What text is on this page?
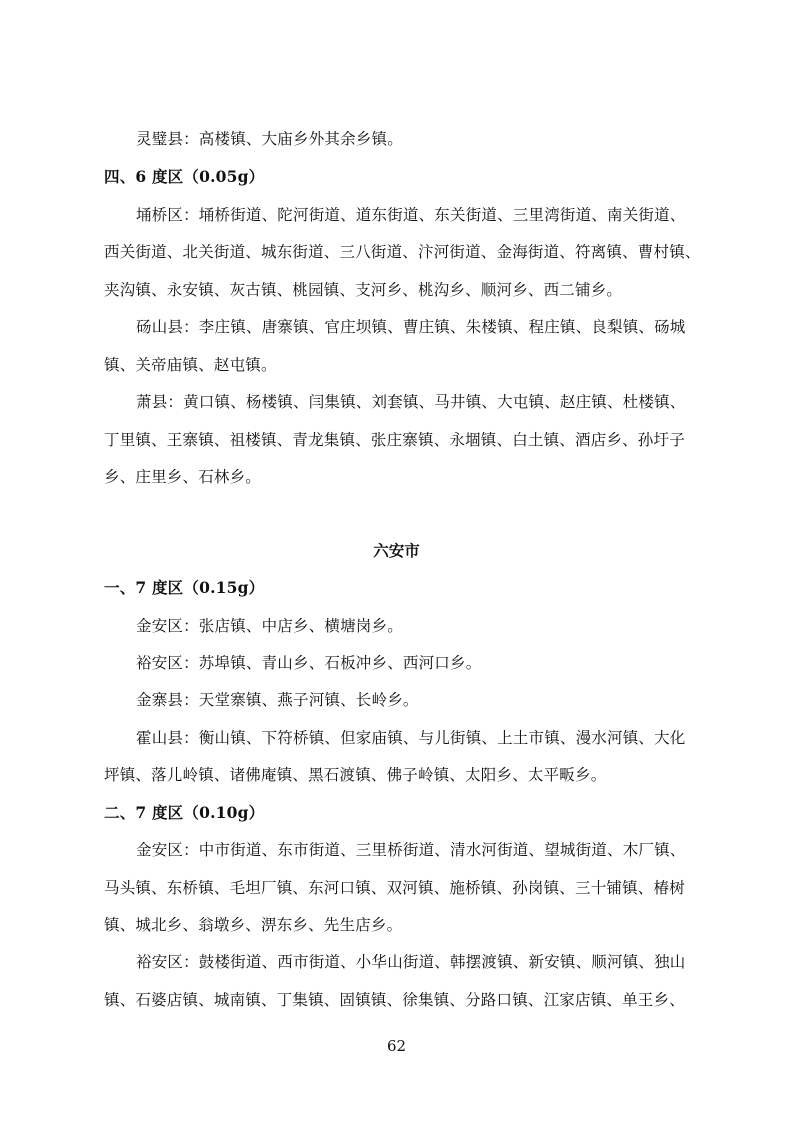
灵璧县：高楼镇、大庙乡外其余乡镇。
四、6 度区（0.05g）
埇桥区：埇桥街道、陀河街道、道东街道、东关街道、三里湾街道、南关街道、
西关街道、北关街道、城东街道、三八街道、汴河街道、金海街道、符离镇、曹村镇、
夹沟镇、永安镇、灰古镇、桃园镇、支河乡、桃沟乡、顺河乡、西二铺乡。
砀山县：李庄镇、唐寨镇、官庄坝镇、曹庄镇、朱楼镇、程庄镇、良梨镇、砀城
镇、关帝庙镇、赵屯镇。
萧县：黄口镇、杨楼镇、闫集镇、刘套镇、马井镇、大屯镇、赵庄镇、杜楼镇、
丁里镇、王寨镇、祖楼镇、青龙集镇、张庄寨镇、永堌镇、白土镇、酒店乡、孙圩子
乡、庄里乡、石林乡。
六安市
一、7 度区（0.15g）
金安区：张店镇、中店乡、横塘岗乡。
裕安区：苏埠镇、青山乡、石板冲乡、西河口乡。
金寨县：天堂寨镇、燕子河镇、长岭乡。
霍山县：衡山镇、下符桥镇、但家庙镇、与儿街镇、上土市镇、漫水河镇、大化
坪镇、落儿岭镇、诸佛庵镇、黑石渡镇、佛子岭镇、太阳乡、太平畈乡。
二、7 度区（0.10g）
金安区：中市街道、东市街道、三里桥街道、清水河街道、望城街道、木厂镇、
马头镇、东桥镇、毛坦厂镇、东河口镇、双河镇、施桥镇、孙岗镇、三十铺镇、椿树
镇、城北乡、翁墩乡、淠东乡、先生店乡。
裕安区：鼓楼街道、西市街道、小华山街道、韩摆渡镇、新安镇、顺河镇、独山
镇、石婆店镇、城南镇、丁集镇、固镇镇、徐集镇、分路口镇、江家店镇、单王乡、
62
